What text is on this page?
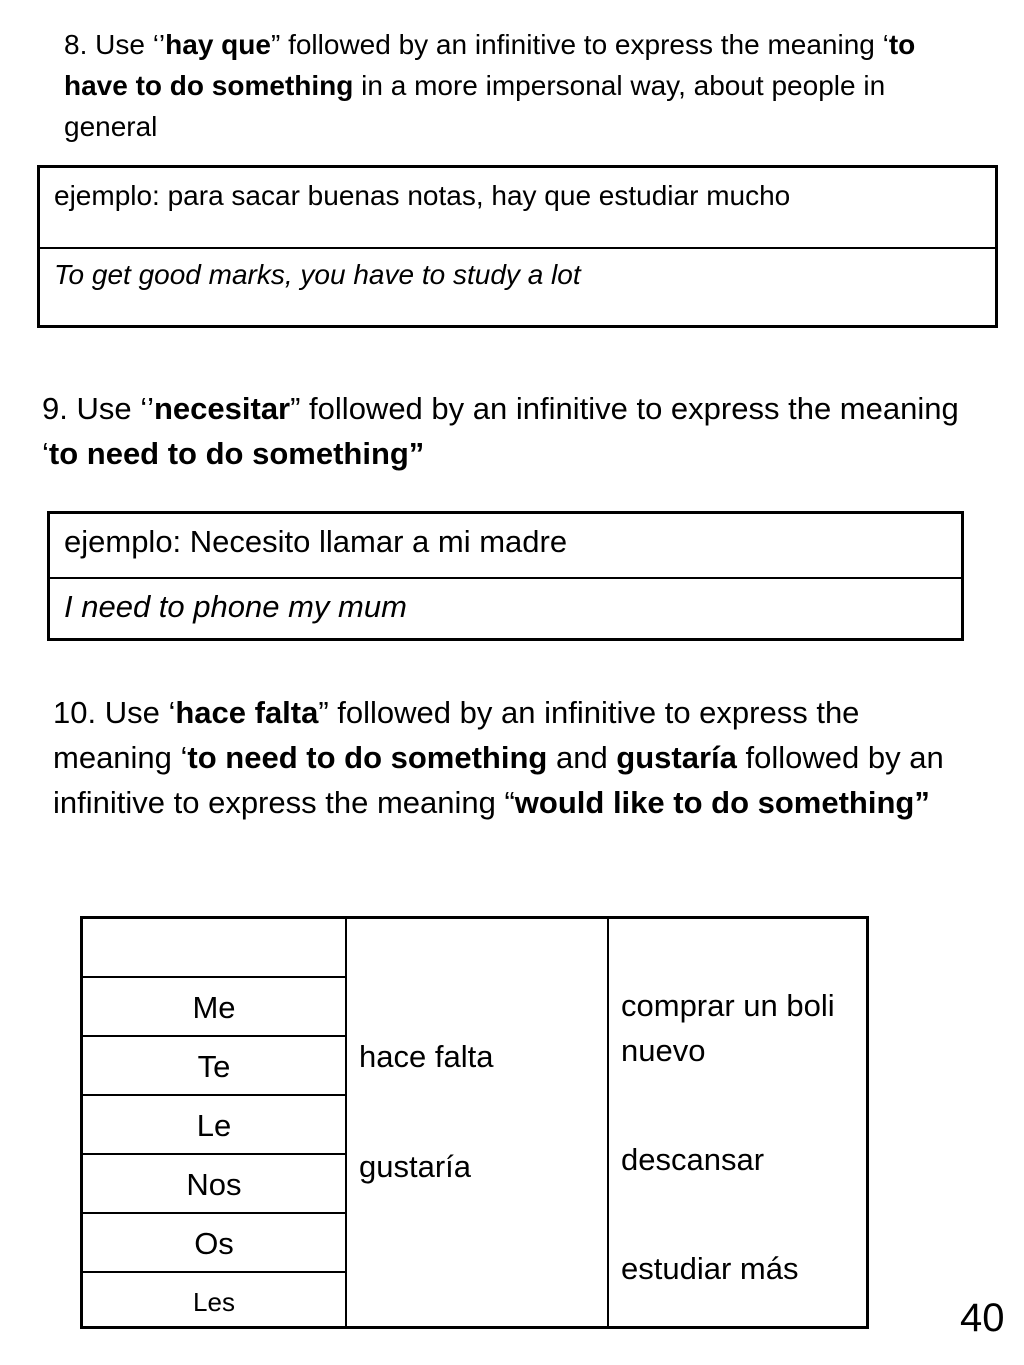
8. Use ‘’hay que” followed by an infinitive to express the meaning ‘to have to do something in a more impersonal way, about people in general
ejemplo: para sacar buenas notas, hay que estudiar mucho
To get good marks, you have to study a lot
9. Use ‘’necesitar” followed by an infinitive to express the meaning ‘to need to do something”
ejemplo: Necesito llamar a mi madre
I need to phone my mum
10. Use ‘hace falta” followed by an infinitive to express the meaning ‘to need to do something and gustaría followed by an infinitive to express the meaning “would like to do something”
Me
Te
Le
Nos
Os
Les
hace falta
gustaría
comprar un boli nuevo
descansar
estudiar más
40
